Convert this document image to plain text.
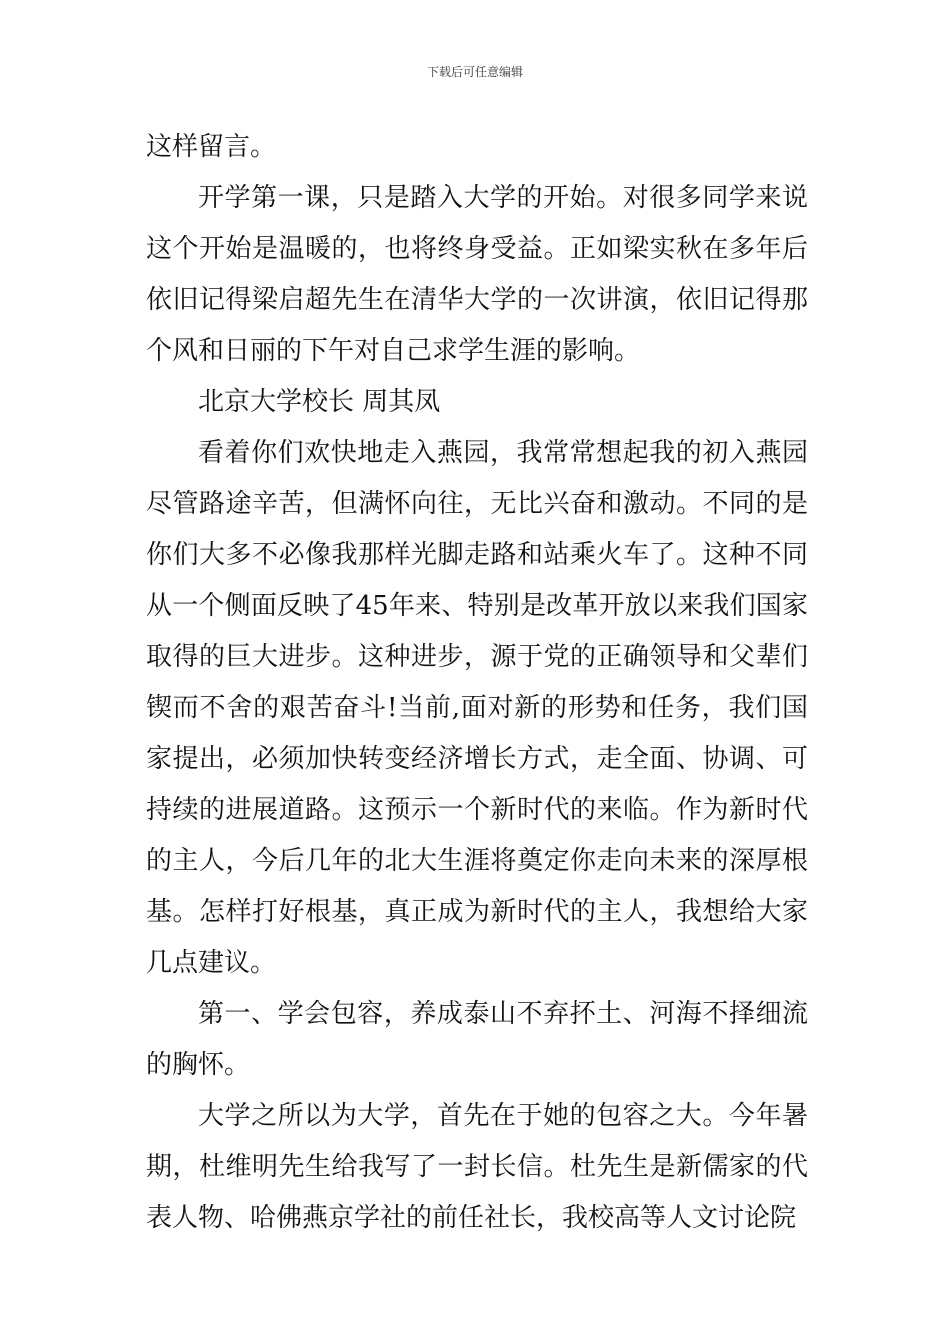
下载后可任意编辑

这样留言。

开学第一课，只是踏入大学的开始。对很多同学来说这个开始是温暖的，也将终身受益。正如梁实秋在多年后依旧记得梁启超先生在清华大学的一次讲演，依旧记得那个风和日丽的下午对自己求学生涯的影响。

北京大学校长 周其凤

看着你们欢快地走入燕园，我常常想起我的初入燕园尽管路途辛苦，但满怀向往，无比兴奋和激动。不同的是你们大多不必像我那样光脚走路和站乘火车了。这种不同从一个侧面反映了45年来、特别是改革开放以来我们国家取得的巨大进步。这种进步，源于党的正确领导和父辈们锲而不舍的艰苦奋斗!当前,面对新的形势和任务，我们国家提出，必须加快转变经济增长方式，走全面、协调、可持续的进展道路。这预示一个新时代的来临。作为新时代的主人，今后几年的北大生涯将奠定你走向未来的深厚根基。怎样打好根基，真正成为新时代的主人，我想给大家几点建议。

第一、学会包容，养成泰山不弃抔土、河海不择细流的胸怀。

大学之所以为大学，首先在于她的包容之大。今年暑期，杜维明先生给我写了一封长信。杜先生是新儒家的代表人物、哈佛燕京学社的前任社长，我校高等人文讨论院
